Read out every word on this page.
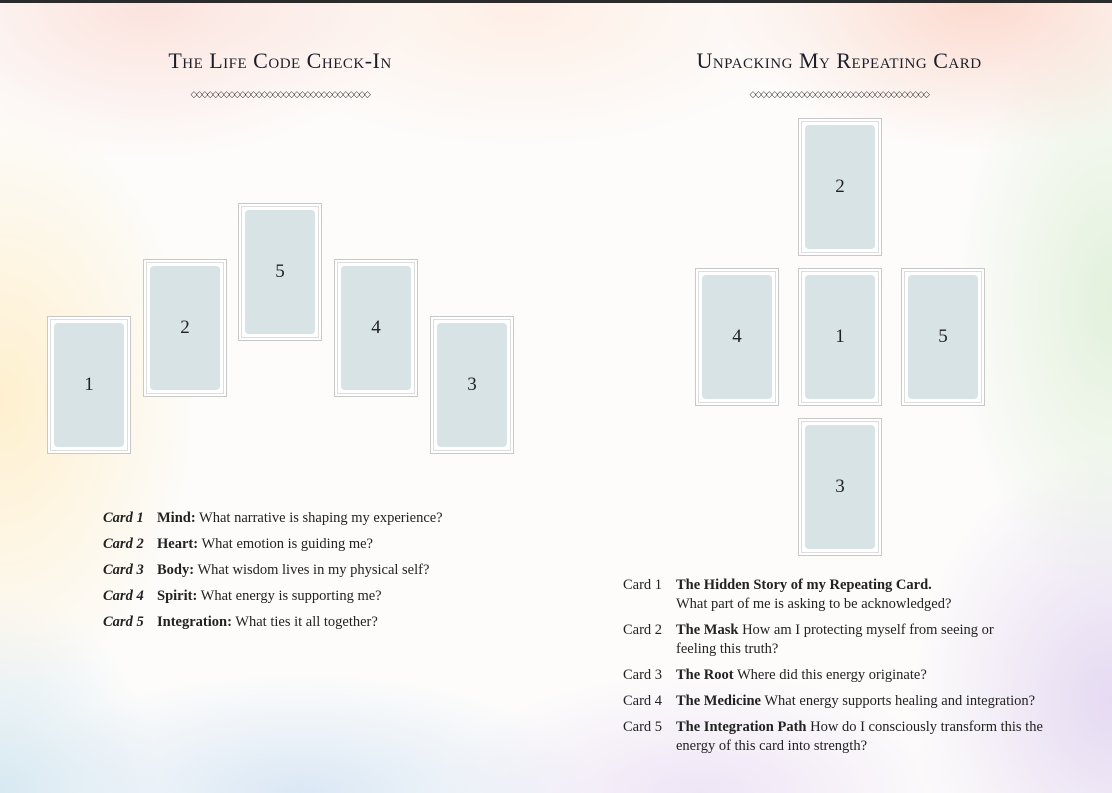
The Life Code Check-In
◇◇◇◇◇◇◇◇◇◇◇◇◇◇◇◇◇◇◇◇◇◇◇◇◇◇◇◇◇◇◇◇◇
Unpacking My Repeating Card
◇◇◇◇◇◇◇◇◇◇◇◇◇◇◇◇◇◇◇◇◇◇◇◇◇◇◇◇◇◇◇◇◇
1
2
5
4
3
2
4	1	5
3
Card 1 Mind: What narrative is shaping my experience?
Card 2 Heart: What emotion is guiding me?
Card 3 Body: What wisdom lives in my physical self?
Card 4 Spirit: What energy is supporting me?
Card 5 Integration: What ties it all together?
Card 1 The Hidden Story of my Repeating Card.
What part of me is asking to be acknowledged?
Card 2 The Mask How am I protecting myself from seeing or feeling this truth?
Card 3 The Root Where did this energy originate?
Card 4 The Medicine What energy supports healing and integration?
Card 5 The Integration Path How do I consciously transform this the energy of this card into strength?
